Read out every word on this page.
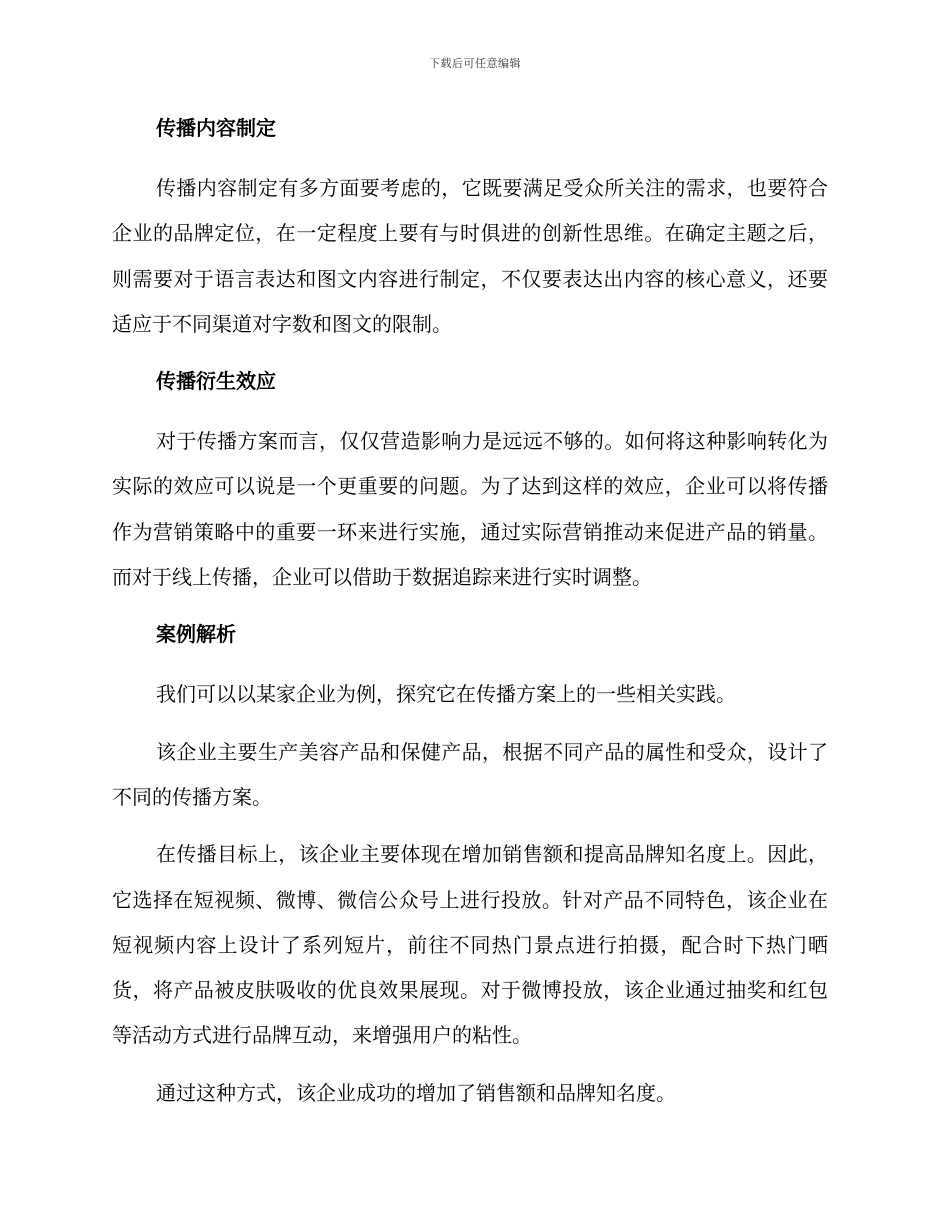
下载后可任意编辑
传播内容制定

传播内容制定有多方面要考虑的，它既要满足受众所关注的需求，也要符合企业的品牌定位，在一定程度上要有与时俱进的创新性思维。在确定主题之后，则需要对于语言表达和图文内容进行制定，不仅要表达出内容的核心意义，还要适应于不同渠道对字数和图文的限制。

传播衍生效应

对于传播方案而言，仅仅营造影响力是远远不够的。如何将这种影响转化为实际的效应可以说是一个更重要的问题。为了达到这样的效应，企业可以将传播作为营销策略中的重要一环来进行实施，通过实际营销推动来促进产品的销量。而对于线上传播，企业可以借助于数据追踪来进行实时调整。

案例解析

我们可以以某家企业为例，探究它在传播方案上的一些相关实践。

该企业主要生产美容产品和保健产品，根据不同产品的属性和受众，设计了不同的传播方案。

在传播目标上，该企业主要体现在增加销售额和提高品牌知名度上。因此，它选择在短视频、微博、微信公众号上进行投放。针对产品不同特色，该企业在短视频内容上设计了系列短片，前往不同热门景点进行拍摄，配合时下热门晒货，将产品被皮肤吸收的优良效果展现。对于微博投放，该企业通过抽奖和红包等活动方式进行品牌互动，来增强用户的粘性。

通过这种方式，该企业成功的增加了销售额和品牌知名度。
